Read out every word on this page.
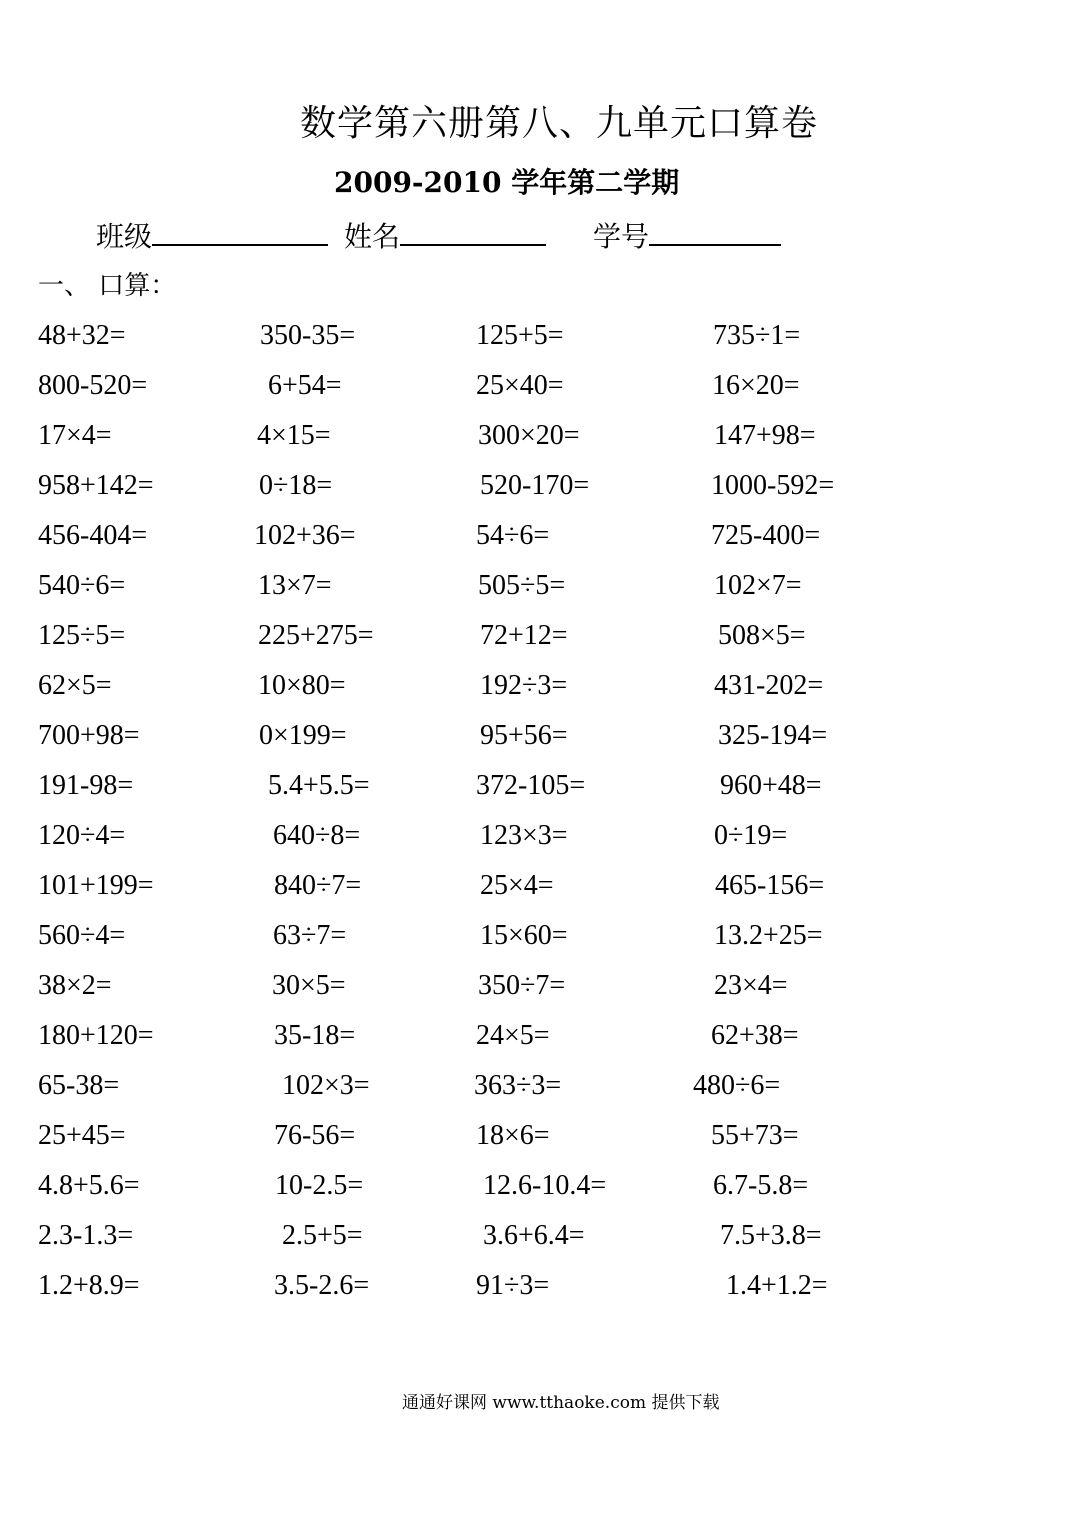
数学第六册第八、九单元口算卷
2009-2010 学年第二学期
班级	姓名	学号
一、 口算：
48+32=	350-35=	125+5=	735÷1=
800-520=	6+54=	25×40=	16×20=
17×4=	4×15=	300×20=	147+98=
958+142=	0÷18=	520-170=	1000-592=
456-404=	102+36=	54÷6=	725-400=
540÷6=	13×7=	505÷5=	102×7=
125÷5=	225+275=	72+12=	508×5=
62×5=	10×80=	192÷3=	431-202=
700+98=	0×199=	95+56=	325-194=
191-98=	5.4+5.5=	372-105=	960+48=
120÷4=	640÷8=	123×3=	0÷19=
101+199=	840÷7=	25×4=	465-156=
560÷4=	63÷7=	15×60=	13.2+25=
38×2=	30×5=	350÷7=	23×4=
180+120=	35-18=	24×5=	62+38=
65-38=	102×3=	363÷3=	480÷6=
25+45=	76-56=	18×6=	55+73=
4.8+5.6=	10-2.5=	12.6-10.4=	6.7-5.8=
2.3-1.3=	2.5+5=	3.6+6.4=	7.5+3.8=
1.2+8.9=	3.5-2.6=	91÷3=	1.4+1.2=
通通好课网 www.tthaoke.com 提供下载
